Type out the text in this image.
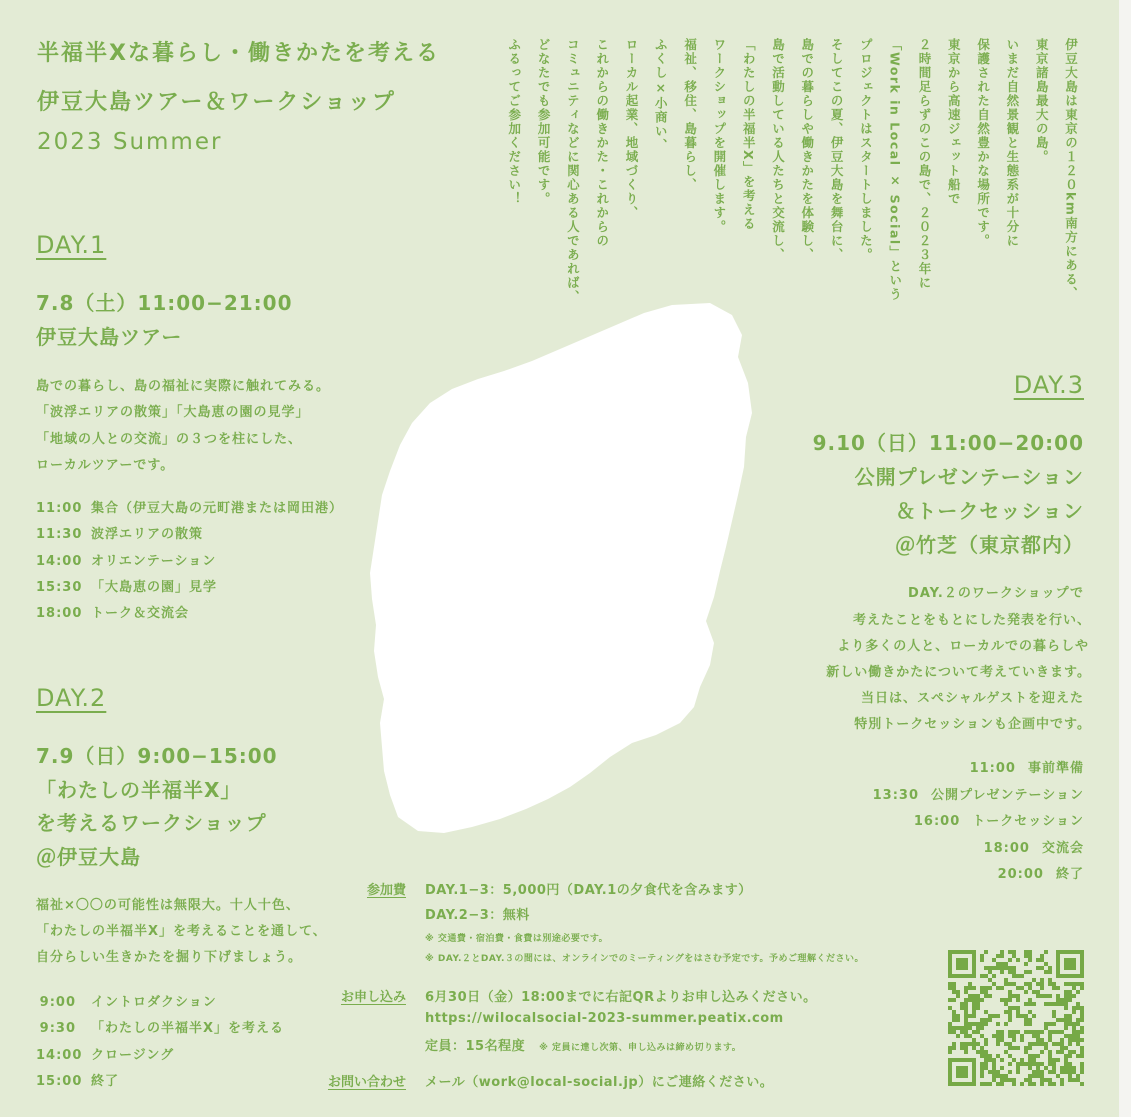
半福半Xな暮らし・働きかたを考える

伊豆大島ツアー＆ワークショップ

2023 Summer	伊豆大島は東京の１２０km南方にある、
東京諸島最大の島。
いまだ自然景観と生態系が十分に
保護された自然豊かな場所です。
東京から高速ジェット船で
２時間足らずのこの島で、２０２３年に
「Work in Local × Social」という
プロジェクトはスタートしました。
そしてこの夏、伊豆大島を舞台に、
島での暮らしや働きかたを体験し、
島で活動している人たちと交流し、
「わたしの半福半X」を考える
ワークショップを開催します。
福祉、移住、島暮らし、
ふくし×小商い、
ローカル起業、地域づくり、
これからの働きかた・これからの
コミュニティなどに関心ある人であれば、
どなたでも参加可能です。
ふるってご参加ください！

DAY.1

7.8（土）11:00−21:00

伊豆大島ツアー

島での暮らし、島の福祉に実際に触れてみる。

「波浮エリアの散策」「大島恵の園の見学」

「地域の人との交流」の３つを柱にした、

ローカルツアーです。

11:00 集合（伊豆大島の元町港または岡田港）
11:30 波浮エリアの散策
14:00 オリエンテーション
15:30 「大島恵の園」見学
18:00 トーク＆交流会

DAY.2

7.9（日）9:00−15:00

「わたしの半福半X」

を考えるワークショップ

＠伊豆大島

福祉×〇〇の可能性は無限大。十人十色、

「わたしの半福半X」を考えることを通して、

自分らしい生きかたを掘り下げましょう。

9:00 イントロダクション
9:30 「わたしの半福半X」を考える
14:00 クロージング
15:00 終了

DAY.3

9.10（日）11:00−20:00

公開プレゼンテーション

＆トークセッション

＠竹芝（東京都内）

DAY.２のワークショップで

考えたことをもとにした発表を行い、

より多くの人と、ローカルでの暮らしや

新しい働きかたについて考えていきます。

当日は、スペシャルゲストを迎えた

特別トークセッションも企画中です。

11:00 事前準備
13:30 公開プレゼンテーション
16:00 トークセッション
18:00 交流会
20:00 終了
参加費 DAY.1−3：5,000円（DAY.1の夕食代を含みます）
DAY.2−3：無料
※ 交通費・宿泊費・食費は別途必要です。
※ DAY.２とDAY.３の間には、オンラインでのミーティングをはさむ予定です。予めご理解ください。
お申し込み 6月30日（金）18:00までに右記QRよりお申し込みください。
https://wilocalsocial-2023-summer.peatix.com
定員：15名程度 ※ 定員に達し次第、申し込みは締め切ります。
お問い合わせ メール（work@local-social.jp）にご連絡ください。
